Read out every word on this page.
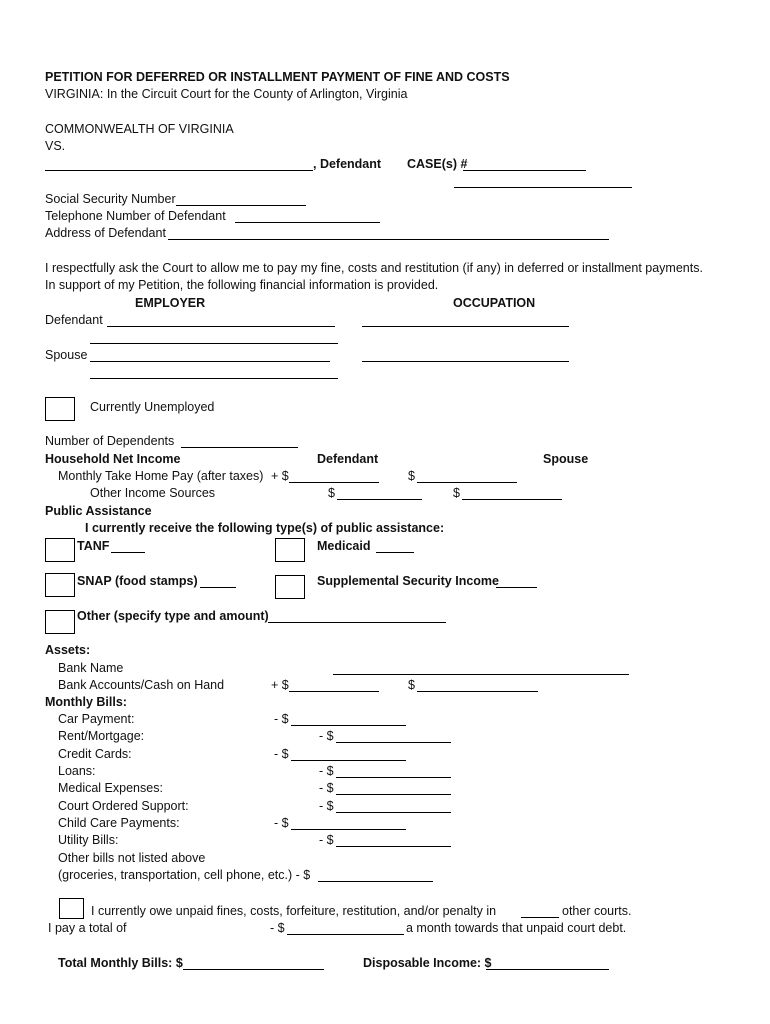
PETITION FOR DEFERRED OR INSTALLMENT PAYMENT OF FINE AND COSTS
VIRGINIA: In the Circuit Court for the County of Arlington, Virginia
COMMONWEALTH OF VIRGINIA
VS.
, Defendant CASE(s) #
Social Security Number
Telephone Number of Defendant
Address of Defendant
I respectfully ask the Court to allow me to pay my fine, costs and restitution (if any) in deferred or installment payments.
In support of my Petition, the following financial information is provided.
EMPLOYER	OCCUPATION
Defendant
Spouse
Currently Unemployed
Number of Dependents
Household Net Income	Defendant	Spouse
Monthly Take Home Pay (after taxes) + $	$
Other Income Sources	$	$
Public Assistance
I currently receive the following type(s) of public assistance:
TANF	Medicaid
SNAP (food stamps)	Supplemental Security Income
Other (specify type and amount)
Assets:
Bank Name
Bank Accounts/Cash on Hand	+ $	$
Monthly Bills:
Car Payment:	- $
Rent/Mortgage:	- $
Credit Cards:	- $
Loans:	- $
Medical Expenses:	- $
Court Ordered Support:	- $
Child Care Payments:	- $
Utility Bills:	- $
Other bills not listed above
(groceries, transportation, cell phone, etc.) - $
I currently owe unpaid fines, costs, forfeiture, restitution, and/or penalty in	other courts.
I pay a total of	- $	a month towards that unpaid court debt.
Total Monthly Bills: $	Disposable Income: $
